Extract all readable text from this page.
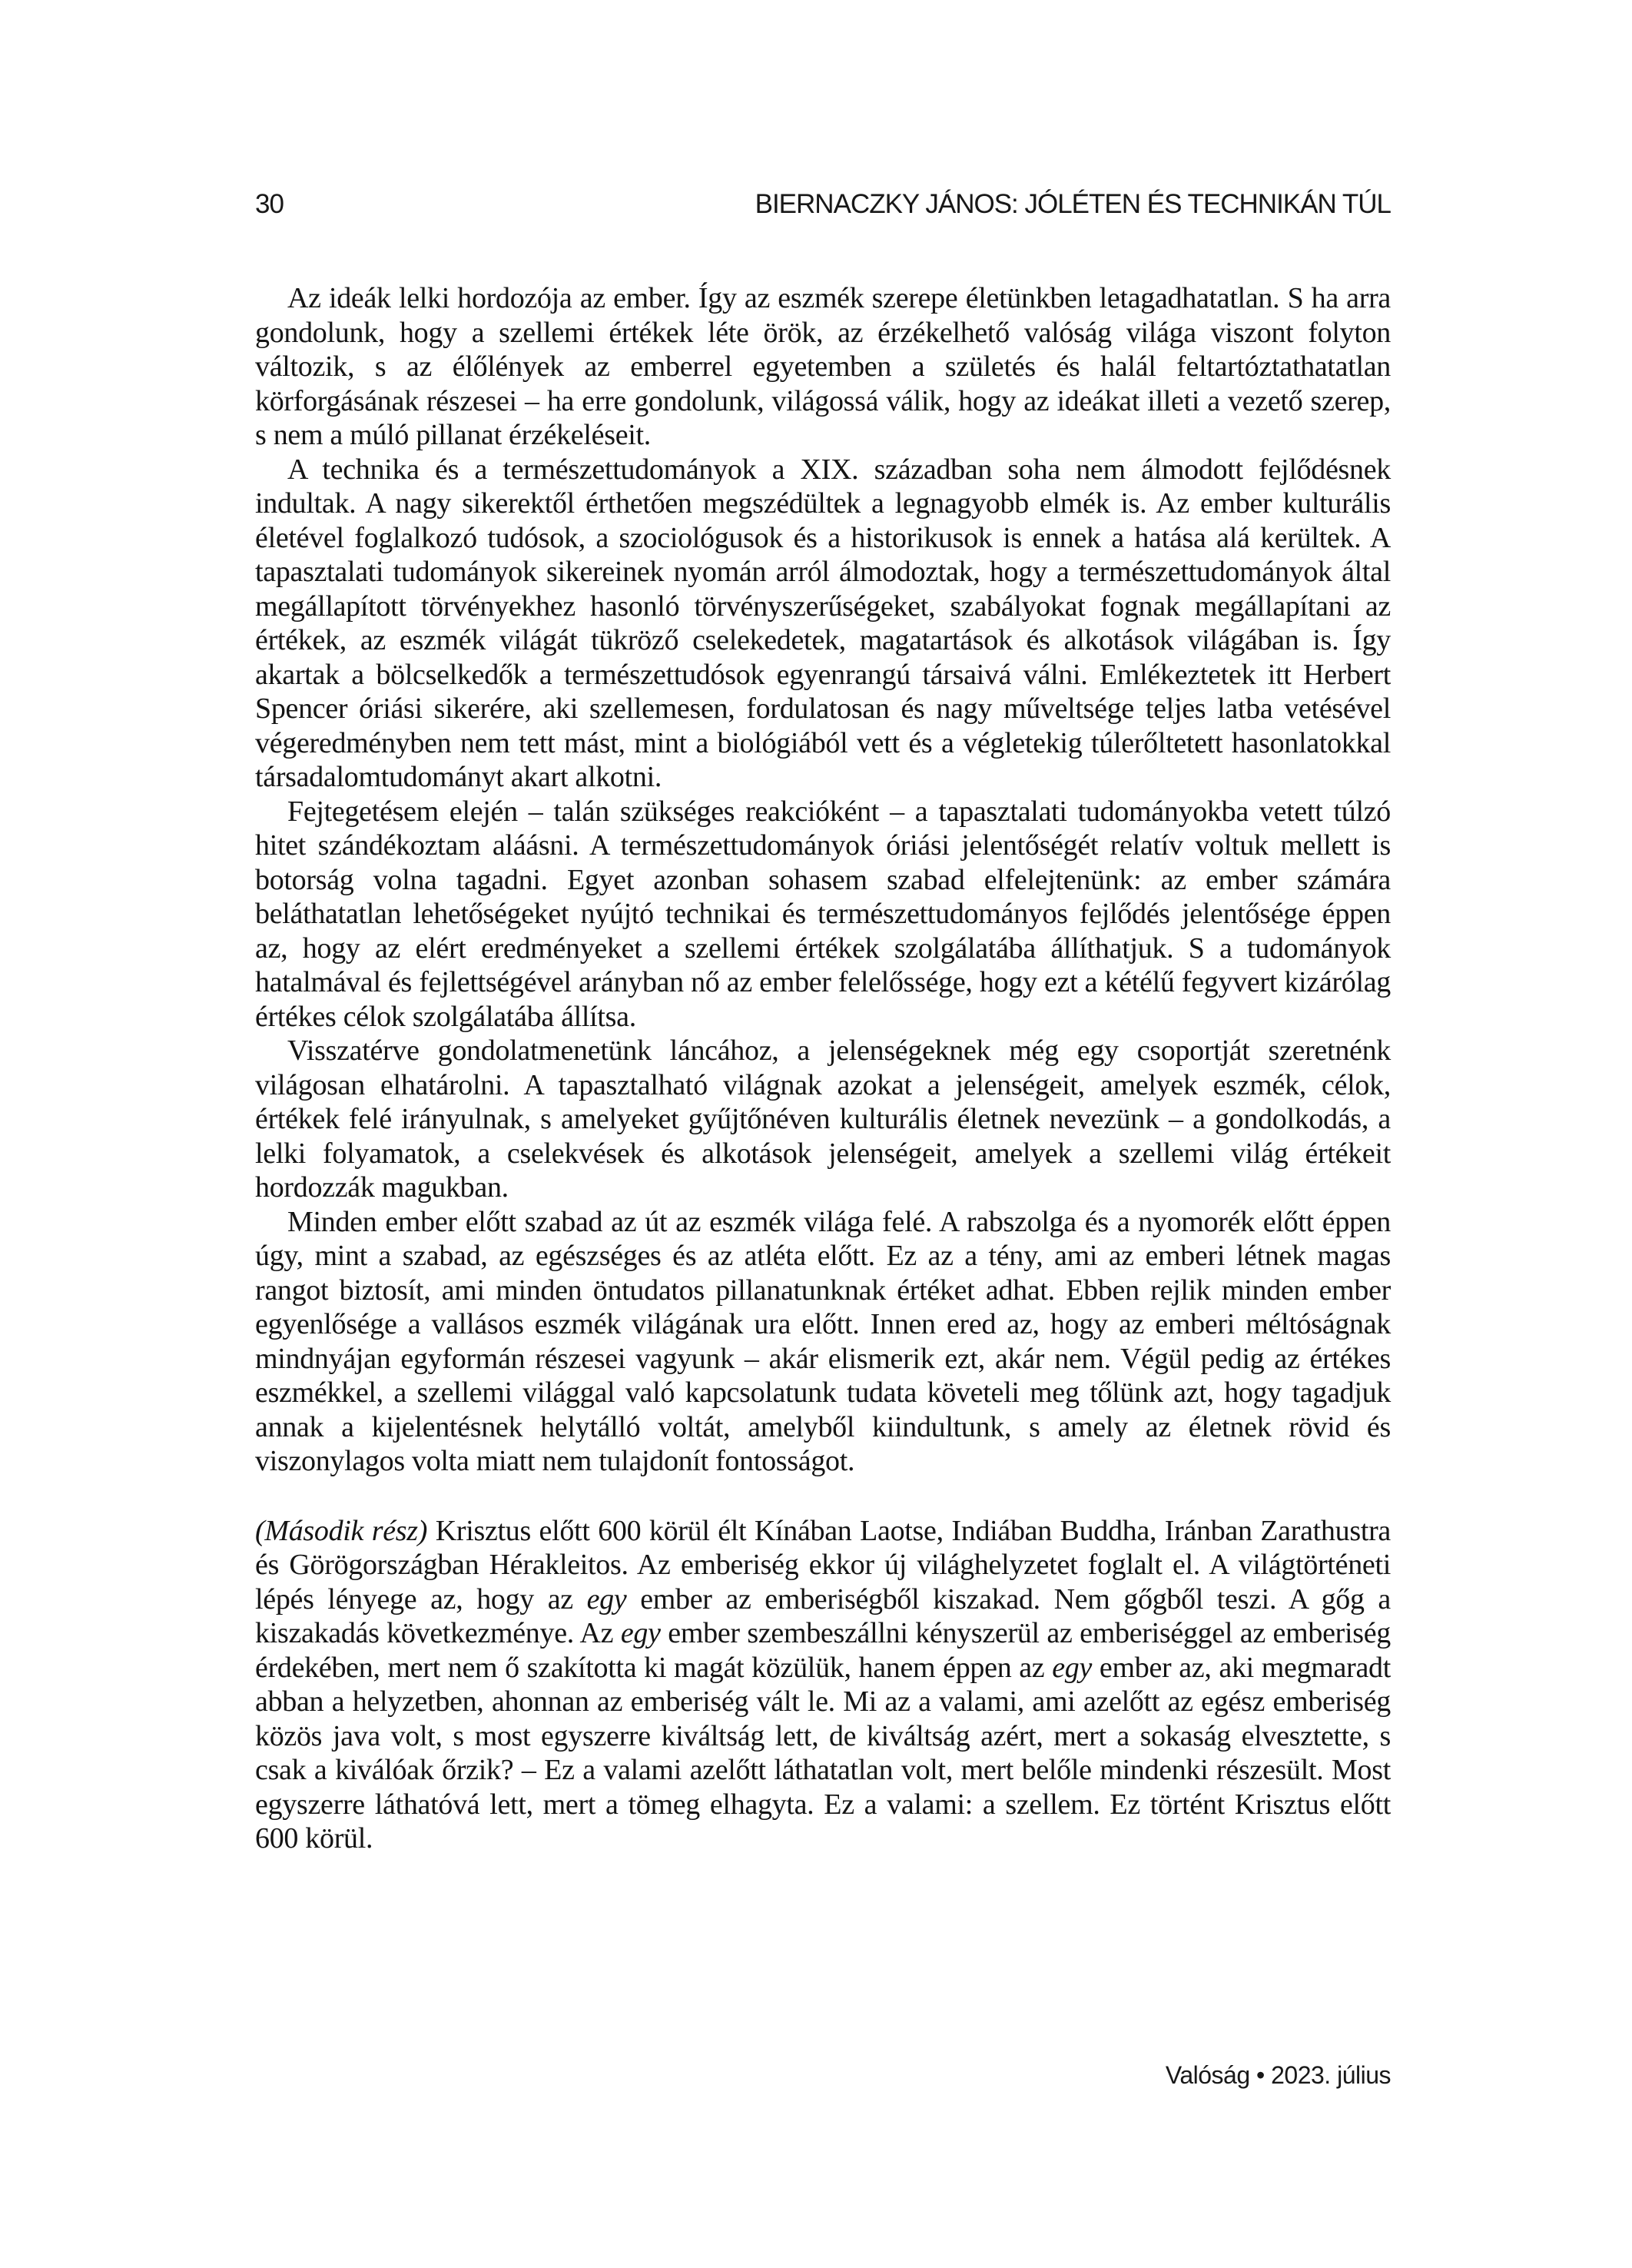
30	BIERNACZKY JÁNOS: JÓLÉTEN ÉS TECHNIKÁN TÚL

Az ideák lelki hordozója az ember. Így az eszmék szerepe életünkben letagadhatatlan. S ha arra gondolunk, hogy a szellemi értékek léte örök, az érzékelhető valóság világa viszont folyton változik, s az élőlények az emberrel egyetemben a születés és halál feltartóztathatatlan körforgásának részesei – ha erre gondolunk, világossá válik, hogy az ideákat illeti a vezető szerep, s nem a múló pillanat érzékeléseit.

A technika és a természettudományok a XIX. században soha nem álmodott fejlődésnek indultak. A nagy sikerektől érthetően megszédültek a legnagyobb elmék is. Az ember kulturális életével foglalkozó tudósok, a szociológusok és a historikusok is ennek a hatása alá kerültek. A tapasztalati tudományok sikereinek nyomán arról álmodoztak, hogy a természettudományok által megállapított törvényekhez hasonló törvényszerűségeket, szabályokat fognak megállapítani az értékek, az eszmék világát tükröző cselekedetek, magatartások és alkotások világában is. Így akartak a bölcselkedők a természettudósok egyenrangú társaivá válni. Emlékeztetek itt Herbert Spencer óriási sikerére, aki szellemesen, fordulatosan és nagy műveltsége teljes latba vetésével végeredményben nem tett mást, mint a biológiából vett és a végletekig túlerőltetett hasonlatokkal társadalomtudományt akart alkotni.

Fejtegetésem elején – talán szükséges reakcióként – a tapasztalati tudományokba vetett túlzó hitet szándékoztam aláásni. A természettudományok óriási jelentőségét relatív voltuk mellett is botorság volna tagadni. Egyet azonban sohasem szabad elfelejtenünk: az ember számára beláthatatlan lehetőségeket nyújtó technikai és természettudományos fejlődés jelentősége éppen az, hogy az elért eredményeket a szellemi értékek szolgálatába állíthatjuk. S a tudományok hatalmával és fejlettségével arányban nő az ember felelőssége, hogy ezt a kétélű fegyvert kizárólag értékes célok szolgálatába állítsa.

Visszatérve gondolatmenetünk láncához, a jelenségeknek még egy csoportját szeretnénk világosan elhatárolni. A tapasztalható világnak azokat a jelenségeit, amelyek eszmék, célok, értékek felé irányulnak, s amelyeket gyűjtőnéven kulturális életnek nevezünk – a gondolkodás, a lelki folyamatok, a cselekvések és alkotások jelenségeit, amelyek a szellemi világ értékeit hordozzák magukban.

Minden ember előtt szabad az út az eszmék világa felé. A rabszolga és a nyomorék előtt éppen úgy, mint a szabad, az egészséges és az atléta előtt. Ez az a tény, ami az emberi létnek magas rangot biztosít, ami minden öntudatos pillanatunknak értéket adhat. Ebben rejlik minden ember egyenlősége a vallásos eszmék világának ura előtt. Innen ered az, hogy az emberi méltóságnak mindnyájan egyformán részesei vagyunk – akár elismerik ezt, akár nem. Végül pedig az értékes eszmékkel, a szellemi világgal való kapcsolatunk tudata követeli meg tőlünk azt, hogy tagadjuk annak a kijelentésnek helytálló voltát, amelyből kiindultunk, s amely az életnek rövid és viszonylagos volta miatt nem tulajdonít fontosságot.

(Második rész) Krisztus előtt 600 körül élt Kínában Laotse, Indiában Buddha, Iránban Zarathustra és Görögországban Hérakleitos. Az emberiség ekkor új világhelyzetet foglalt el. A világtörténeti lépés lényege az, hogy az egy ember az emberiségből kiszakad. Nem gőgből teszi. A gőg a kiszakadás következménye. Az egy ember szembeszállni kényszerül az emberiséggel az emberiség érdekében, mert nem ő szakította ki magát közülük, hanem éppen az egy ember az, aki megmaradt abban a helyzetben, ahonnan az emberiség vált le. Mi az a valami, ami azelőtt az egész emberiség közös java volt, s most egyszerre kiváltság lett, de kiváltság azért, mert a sokaság elvesztette, s csak a kiválóak őrzik? – Ez a valami azelőtt láthatatlan volt, mert belőle mindenki részesült. Most egyszerre láthatóvá lett, mert a tömeg elhagyta. Ez a valami: a szellem. Ez történt Krisztus előtt 600 körül.

Valóság • 2023. július
